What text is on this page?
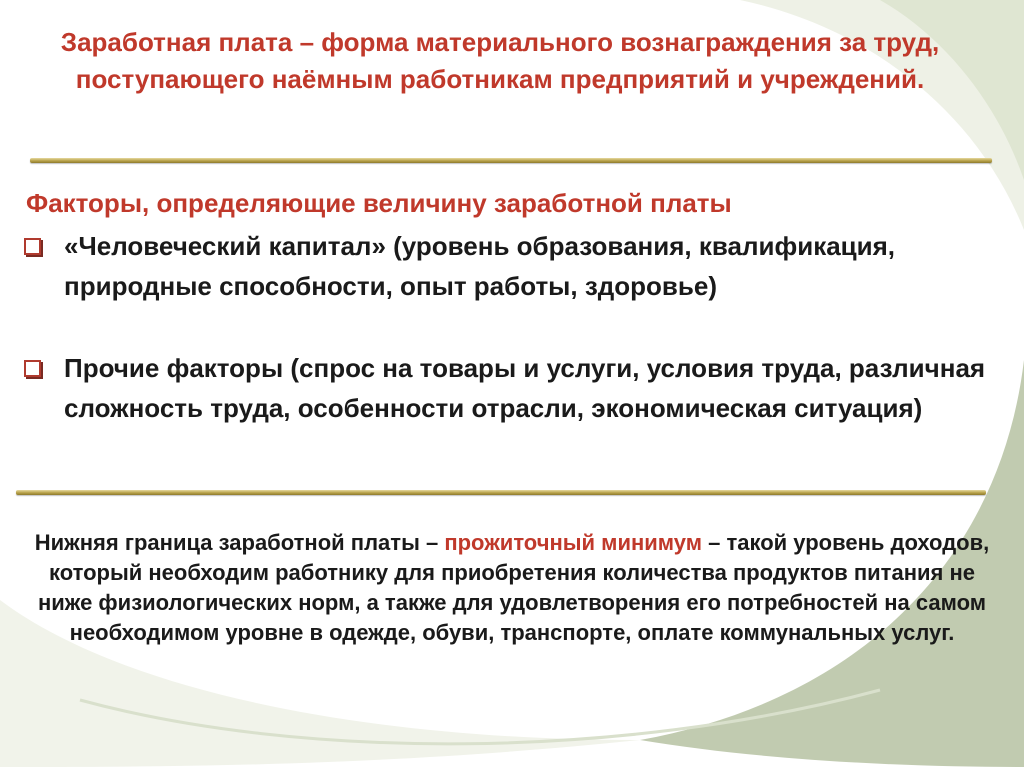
Заработная плата – форма материального вознаграждения за труд, поступающего наёмным работникам предприятий и учреждений.
Факторы, определяющие величину заработной платы
«Человеческий капитал» (уровень образования, квалификация, природные способности, опыт работы, здоровье)
Прочие факторы (спрос на товары и услуги, условия труда, различная сложность труда, особенности отрасли, экономическая ситуация)
Нижняя граница заработной платы – прожиточный минимум – такой уровень доходов, который необходим работнику для приобретения количества продуктов питания не ниже физиологических норм, а также для удовлетворения его потребностей на самом необходимом уровне в одежде, обуви, транспорте, оплате коммунальных услуг.
